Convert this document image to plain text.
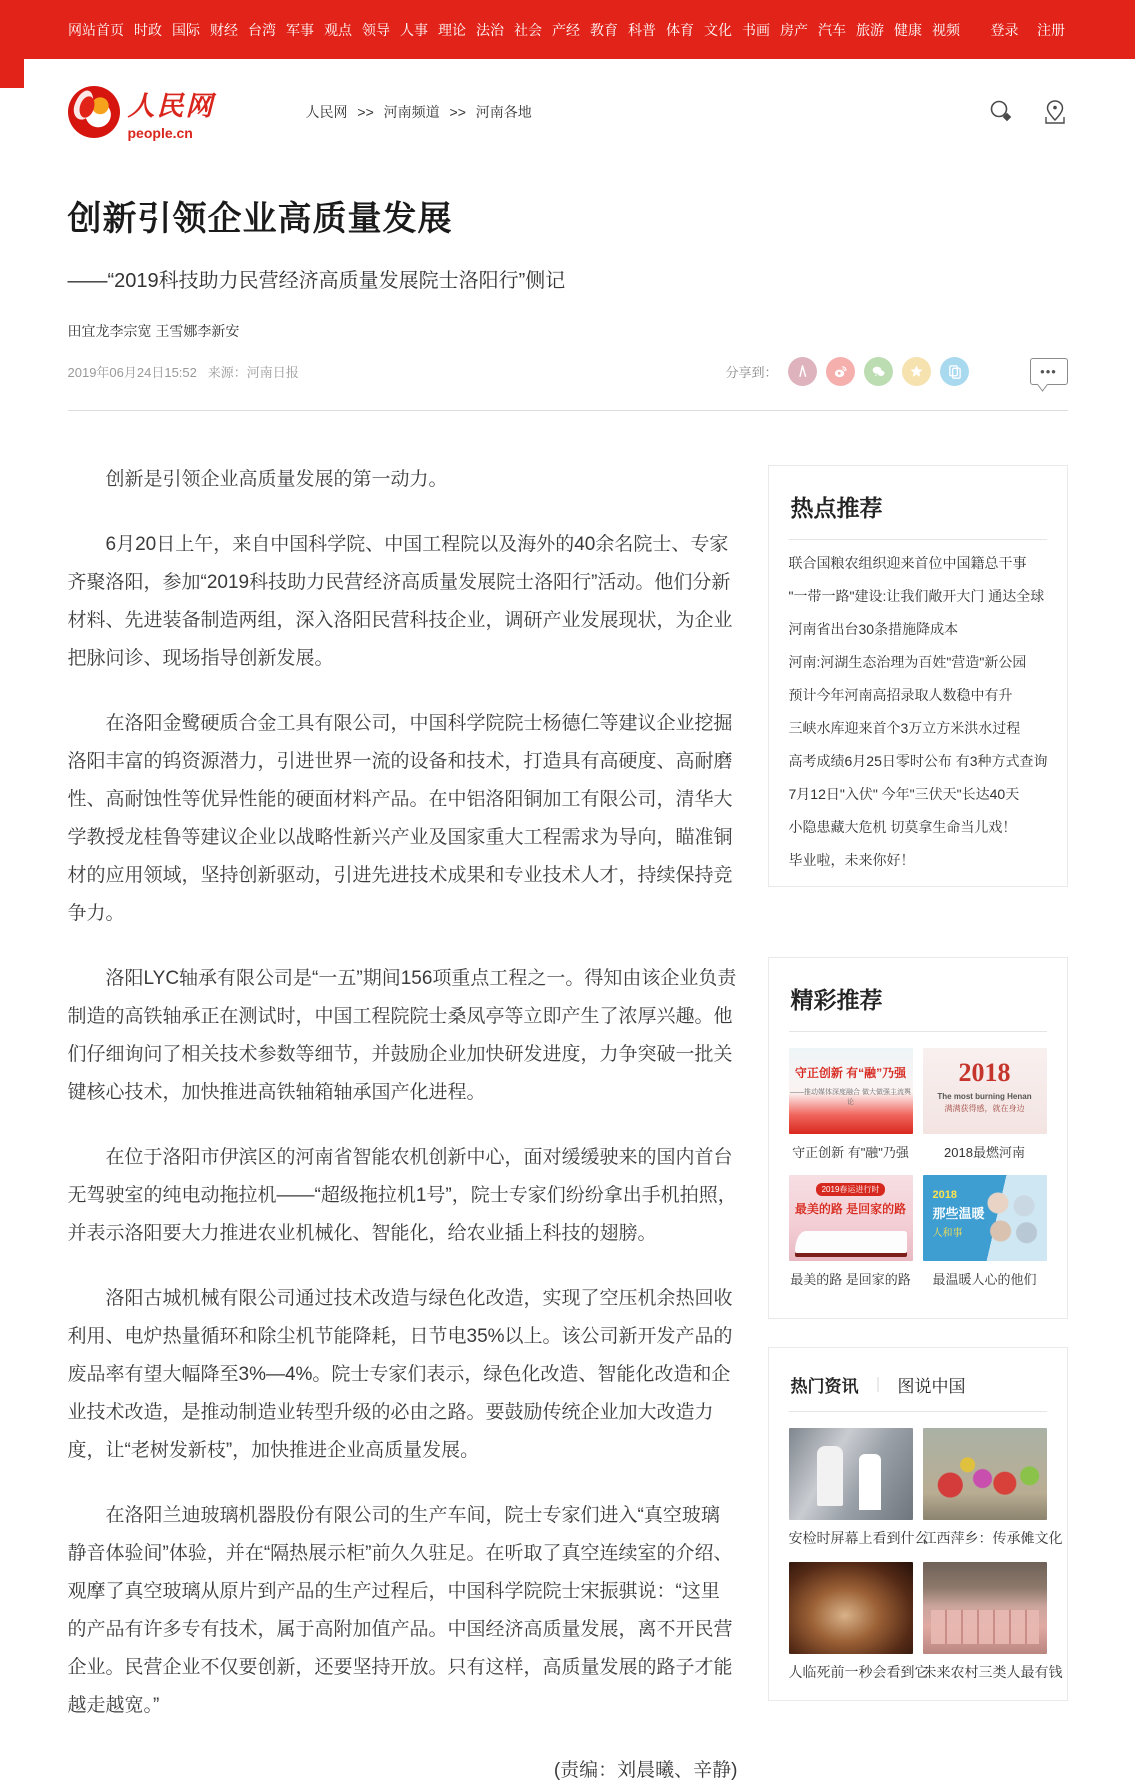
网站首页 时政 国际 财经 台湾 军事 观点 领导 人事 理论 法治 社会 产经 教育 科普 体育 文化 书画 房产 汽车 旅游 健康 视频	登录 注册
人民网
people.cn
人民网 >> 河南频道 >> 河南各地
创新引领企业高质量发展
——“2019科技助力民营经济高质量发展院士洛阳行”侧记
田宜龙李宗宽 王雪娜李新安
2019年06月24日15:52 来源：河南日报	分享到：	•••

创新是引领企业高质量发展的第一动力。

6月20日上午，来自中国科学院、中国工程院以及海外的40余名院士、专家齐聚洛阳，参加“2019科技助力民营经济高质量发展院士洛阳行”活动。他们分新材料、先进装备制造两组，深入洛阳民营科技企业，调研产业发展现状，为企业把脉问诊、现场指导创新发展。

在洛阳金鹭硬质合金工具有限公司，中国科学院院士杨德仁等建议企业挖掘洛阳丰富的钨资源潜力，引进世界一流的设备和技术，打造具有高硬度、高耐磨性、高耐蚀性等优异性能的硬面材料产品。在中铝洛阳铜加工有限公司，清华大学教授龙桂鲁等建议企业以战略性新兴产业及国家重大工程需求为导向，瞄准铜材的应用领域，坚持创新驱动，引进先进技术成果和专业技术人才，持续保持竞争力。

洛阳LYC轴承有限公司是“一五”期间156项重点工程之一。得知由该企业负责制造的高铁轴承正在测试时，中国工程院院士桑凤亭等立即产生了浓厚兴趣。他们仔细询问了相关技术参数等细节，并鼓励企业加快研发进度，力争突破一批关键核心技术，加快推进高铁轴箱轴承国产化进程。

在位于洛阳市伊滨区的河南省智能农机创新中心，面对缓缓驶来的国内首台无驾驶室的纯电动拖拉机——“超级拖拉机1号”，院士专家们纷纷拿出手机拍照，并表示洛阳要大力推进农业机械化、智能化，给农业插上科技的翅膀。

洛阳古城机械有限公司通过技术改造与绿色化改造，实现了空压机余热回收利用、电炉热量循环和除尘机节能降耗，日节电35%以上。该公司新开发产品的废品率有望大幅降至3%—4%。院士专家们表示，绿色化改造、智能化改造和企业技术改造，是推动制造业转型升级的必由之路。要鼓励传统企业加大改造力度，让“老树发新枝”，加快推进企业高质量发展。

在洛阳兰迪玻璃机器股份有限公司的生产车间，院士专家们进入“真空玻璃静音体验间”体验，并在“隔热展示柜”前久久驻足。在听取了真空连续室的介绍、观摩了真空玻璃从原片到产品的生产过程后，中国科学院院士宋振骐说：“这里的产品有许多专有技术，属于高附加值产品。中国经济高质量发展，离不开民营企业。民营企业不仅要创新，还要坚持开放。只有这样，高质量发展的路子才能越走越宽。”

(责编：刘晨曦、辛静)

热点推荐
联合国粮农组织迎来首位中国籍总干事
"一带一路"建设:让我们敞开大门 通达全球
河南省出台30条措施降成本
河南:河湖生态治理为百姓"营造"新公园
预计今年河南高招录取人数稳中有升
三峡水库迎来首个3万立方米洪水过程
高考成绩6月25日零时公布 有3种方式查询
7月12日"入伏" 今年"三伏天"长达40天
小隐患藏大危机 切莫拿生命当儿戏！
毕业啦，未来你好！
精彩推荐
守正创新 有“融”乃强
——推动媒体深度融合 做大做强主流舆论
守正创新 有"融"乃强
2018
The most burning Henan
满满获得感，就在身边
2018最燃河南
2019春运进行时
最美的路 是回家的路
最美的路 是回家的路
2018
那些温暖
人和事
最温暖人心的他们
热门资讯 ｜ 图说中国
安检时屏幕上看到什么
江西萍乡：传承傩文化
人临死前一秒会看到它
未来农村三类人最有钱
